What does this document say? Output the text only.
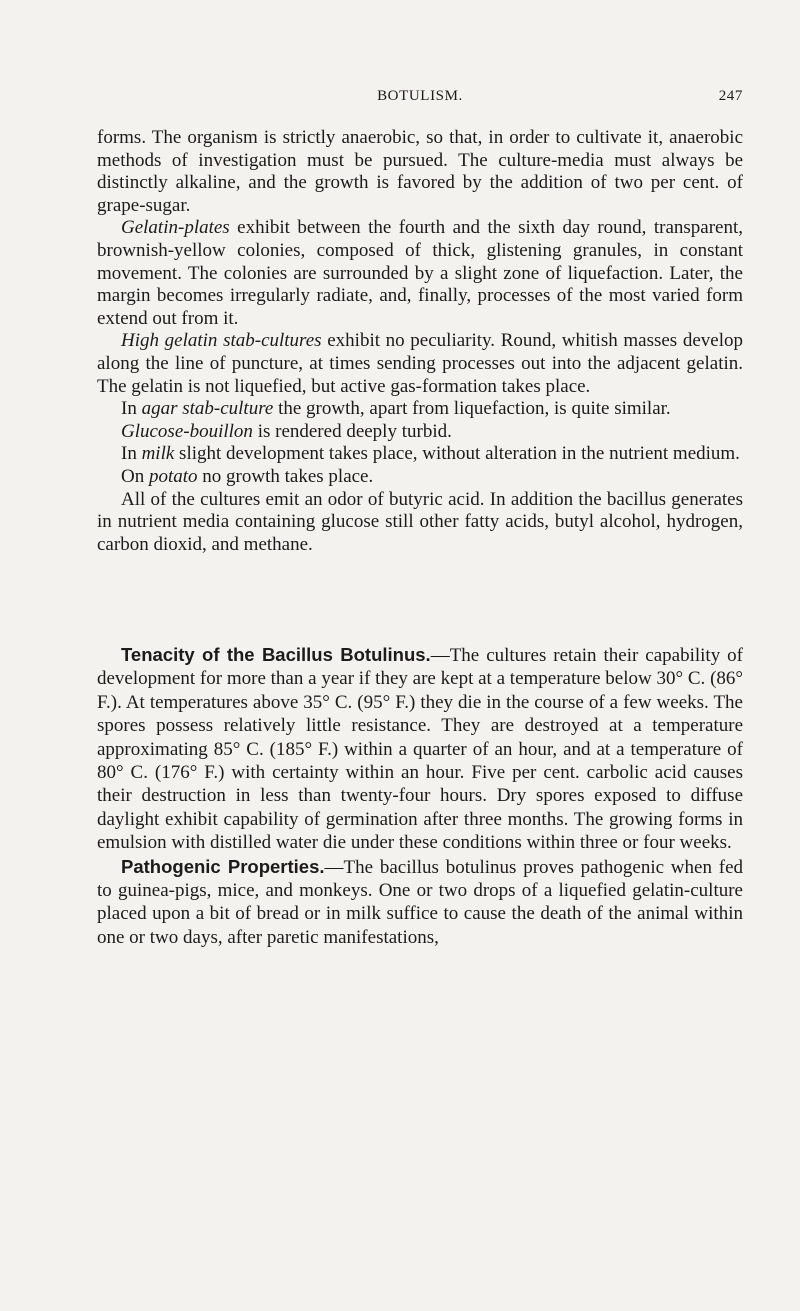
BOTULISM.	247

forms. The organism is strictly anaerobic, so that, in order to cultivate it, anaerobic methods of investigation must be pursued. The culture-media must always be distinctly alkaline, and the growth is favored by the addition of two per cent. of grape-sugar.

Gelatin-plates exhibit between the fourth and the sixth day round, transparent, brownish-yellow colonies, composed of thick, glistening granules, in constant movement. The colonies are surrounded by a slight zone of liquefaction. Later, the margin becomes irregularly radiate, and, finally, processes of the most varied form extend out from it.

High gelatin stab-cultures exhibit no peculiarity. Round, whitish masses develop along the line of puncture, at times sending processes out into the adjacent gelatin. The gelatin is not liquefied, but active gas-formation takes place.

In agar stab-culture the growth, apart from liquefaction, is quite similar.

Glucose-bouillon is rendered deeply turbid.

In milk slight development takes place, without alteration in the nutrient medium.

On potato no growth takes place.

All of the cultures emit an odor of butyric acid. In addition the bacillus generates in nutrient media containing glucose still other fatty acids, butyl alcohol, hydrogen, carbon dioxid, and methane.

Tenacity of the Bacillus Botulinus.—The cultures retain their capability of development for more than a year if they are kept at a temperature below 30° C. (86° F.). At temperatures above 35° C. (95° F.) they die in the course of a few weeks. The spores possess relatively little resistance. They are destroyed at a temperature approximating 85° C. (185° F.) within a quarter of an hour, and at a temperature of 80° C. (176° F.) with certainty within an hour. Five per cent. carbolic acid causes their destruction in less than twenty-four hours. Dry spores exposed to diffuse daylight exhibit capability of germination after three months. The growing forms in emulsion with distilled water die under these conditions within three or four weeks.

Pathogenic Properties.—The bacillus botulinus proves pathogenic when fed to guinea-pigs, mice, and monkeys. One or two drops of a liquefied gelatin-culture placed upon a bit of bread or in milk suffice to cause the death of the animal within one or two days, after paretic manifestations,
